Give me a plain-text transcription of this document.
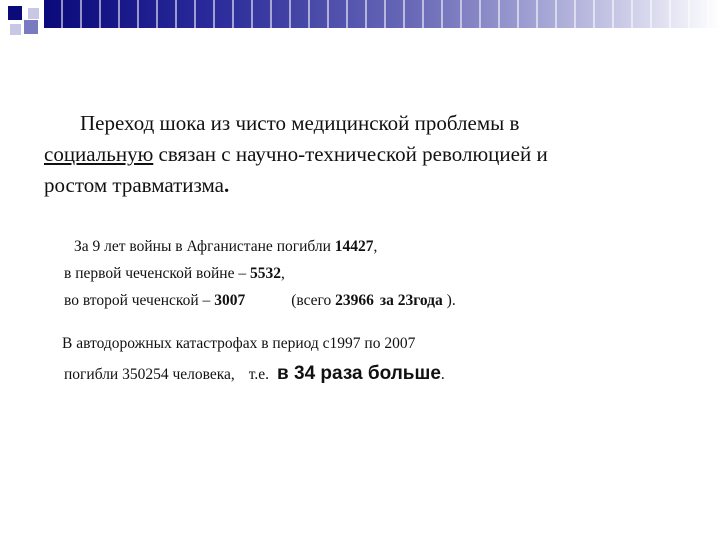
Переход шока из чисто медицинской проблемы в
социальную связан с научно-технической революцией и
ростом травматизма.
За 9 лет войны в Афганистане погибли 14427,
в первой чеченской войне – 5532,
во второй чеченской – 3007	(всего 23966 за 23года ).
В автодорожных катастрофах в период с1997 по 2007
погибли 350254 человека, т.е. в 34 раза больше.
